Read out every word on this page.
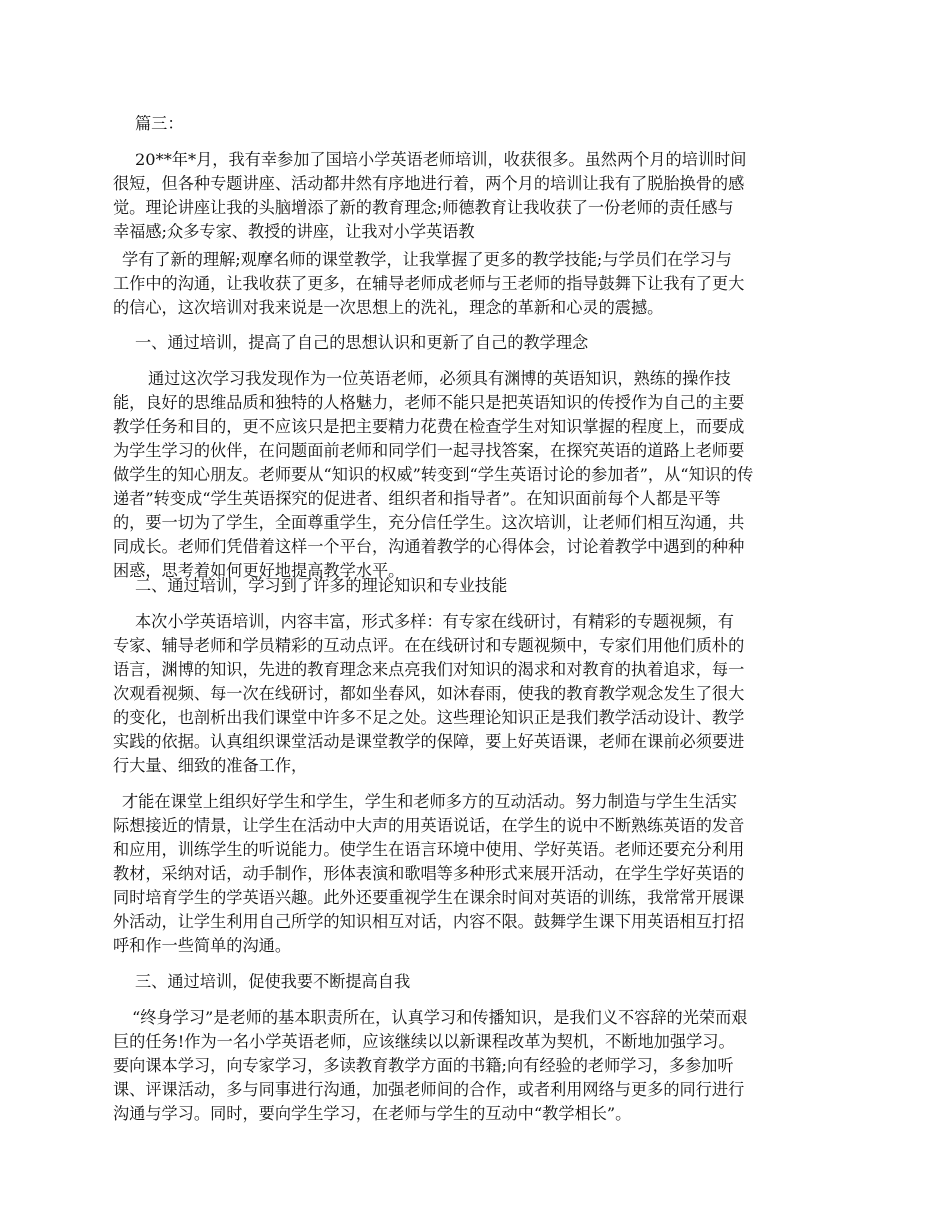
篇三：
20**年*月，我有幸参加了国培小学英语老师培训，收获很多。虽然两个月的培训时间
很短，但各种专题讲座、活动都井然有序地进行着，两个月的培训让我有了脱胎换骨的感
觉。理论讲座让我的头脑增添了新的教育理念;师德教育让我收获了一份老师的责任感与
幸福感;众多专家、教授的讲座，让我对小学英语教
学有了新的理解;观摩名师的课堂教学，让我掌握了更多的教学技能;与学员们在学习与
工作中的沟通，让我收获了更多，在辅导老师成老师与王老师的指导鼓舞下让我有了更大
的信心，这次培训对我来说是一次思想上的洗礼，理念的革新和心灵的震撼。
一、通过培训，提高了自己的思想认识和更新了自己的教学理念
通过这次学习我发现作为一位英语老师，必须具有渊博的英语知识，熟练的操作技
能，良好的思维品质和独特的人格魅力，老师不能只是把英语知识的传授作为自己的主要
教学任务和目的，更不应该只是把主要精力花费在检查学生对知识掌握的程度上，而要成
为学生学习的伙伴，在问题面前老师和同学们一起寻找答案，在探究英语的道路上老师要
做学生的知心朋友。老师要从“知识的权威”转变到“学生英语讨论的参加者”，从“知识的传
递者”转变成“学生英语探究的促进者、组织者和指导者”。在知识面前每个人都是平等
的，要一切为了学生，全面尊重学生，充分信任学生。这次培训，让老师们相互沟通，共
同成长。老师们凭借着这样一个平台，沟通着教学的心得体会，讨论着教学中遇到的种种
困惑，思考着如何更好地提高教学水平。
二、通过培训，学习到了许多的理论知识和专业技能
本次小学英语培训，内容丰富，形式多样：有专家在线研讨，有精彩的专题视频，有
专家、辅导老师和学员精彩的互动点评。在在线研讨和专题视频中，专家们用他们质朴的
语言，渊博的知识，先进的教育理念来点亮我们对知识的渴求和对教育的执着追求，每一
次观看视频、每一次在线研讨，都如坐春风，如沐春雨，使我的教育教学观念发生了很大
的变化，也剖析出我们课堂中许多不足之处。这些理论知识正是我们教学活动设计、教学
实践的依据。认真组织课堂活动是课堂教学的保障，要上好英语课，老师在课前必须要进
行大量、细致的准备工作，
才能在课堂上组织好学生和学生，学生和老师多方的互动活动。努力制造与学生生活实
际想接近的情景，让学生在活动中大声的用英语说话，在学生的说中不断熟练英语的发音
和应用，训练学生的听说能力。使学生在语言环境中使用、学好英语。老师还要充分利用
教材，采纳对话，动手制作，形体表演和歌唱等多种形式来展开活动，在学生学好英语的
同时培育学生的学英语兴趣。此外还要重视学生在课余时间对英语的训练，我常常开展课
外活动，让学生利用自己所学的知识相互对话，内容不限。鼓舞学生课下用英语相互打招
呼和作一些简单的沟通。
三、通过培训，促使我要不断提高自我
“终身学习”是老师的基本职责所在，认真学习和传播知识，是我们义不容辞的光荣而艰
巨的任务!作为一名小学英语老师，应该继续以以新课程改革为契机，不断地加强学习。
要向课本学习，向专家学习，多读教育教学方面的书籍;向有经验的老师学习，多参加听
课、评课活动，多与同事进行沟通，加强老师间的合作，或者利用网络与更多的同行进行
沟通与学习。同时，要向学生学习，在老师与学生的互动中“教学相长”。
